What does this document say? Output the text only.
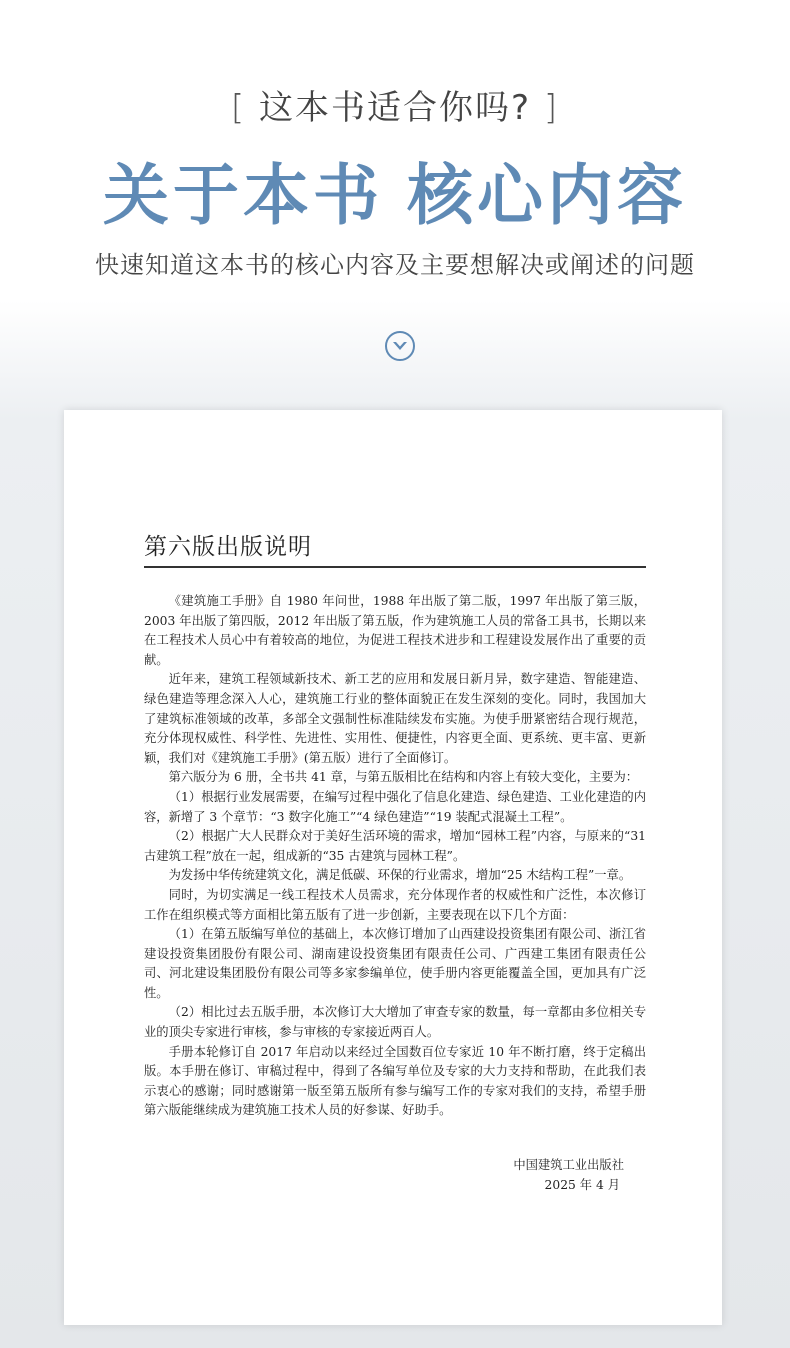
[ 这本书适合你吗? ]
关于本书 核心内容
快速知道这本书的核心内容及主要想解决或阐述的问题
第六版出版说明

《建筑施工手册》自 1980 年问世，1988 年出版了第二版，1997 年出版了第三版，2003 年出版了第四版，2012 年出版了第五版，作为建筑施工人员的常备工具书，长期以来在工程技术人员心中有着较高的地位，为促进工程技术进步和工程建设发展作出了重要的贡献。

近年来，建筑工程领域新技术、新工艺的应用和发展日新月异，数字建造、智能建造、绿色建造等理念深入人心，建筑施工行业的整体面貌正在发生深刻的变化。同时，我国加大了建筑标准领域的改革，多部全文强制性标准陆续发布实施。为使手册紧密结合现行规范，充分体现权威性、科学性、先进性、实用性、便捷性，内容更全面、更系统、更丰富、更新颖，我们对《建筑施工手册》(第五版）进行了全面修订。

第六版分为 6 册，全书共 41 章，与第五版相比在结构和内容上有较大变化，主要为：

（1）根据行业发展需要，在编写过程中强化了信息化建造、绿色建造、工业化建造的内容，新增了 3 个章节：“3 数字化施工”“4 绿色建造”“19 装配式混凝土工程”。

（2）根据广大人民群众对于美好生活环境的需求，增加“园林工程”内容，与原来的“31 古建筑工程”放在一起，组成新的“35 古建筑与园林工程”。

为发扬中华传统建筑文化，满足低碳、环保的行业需求，增加“25 木结构工程”一章。

同时，为切实满足一线工程技术人员需求，充分体现作者的权威性和广泛性，本次修订工作在组织模式等方面相比第五版有了进一步创新，主要表现在以下几个方面：

（1）在第五版编写单位的基础上，本次修订增加了山西建设投资集团有限公司、浙江省建设投资集团股份有限公司、湖南建设投资集团有限责任公司、广西建工集团有限责任公司、河北建设集团股份有限公司等多家参编单位，使手册内容更能覆盖全国，更加具有广泛性。

（2）相比过去五版手册，本次修订大大增加了审查专家的数量，每一章都由多位相关专业的顶尖专家进行审核，参与审核的专家接近两百人。

手册本轮修订自 2017 年启动以来经过全国数百位专家近 10 年不断打磨，终于定稿出版。本手册在修订、审稿过程中，得到了各编写单位及专家的大力支持和帮助，在此我们表示衷心的感谢；同时感谢第一版至第五版所有参与编写工作的专家对我们的支持，希望手册第六版能继续成为建筑施工技术人员的好参谋、好助手。

中国建筑工业出版社
2025 年 4 月
